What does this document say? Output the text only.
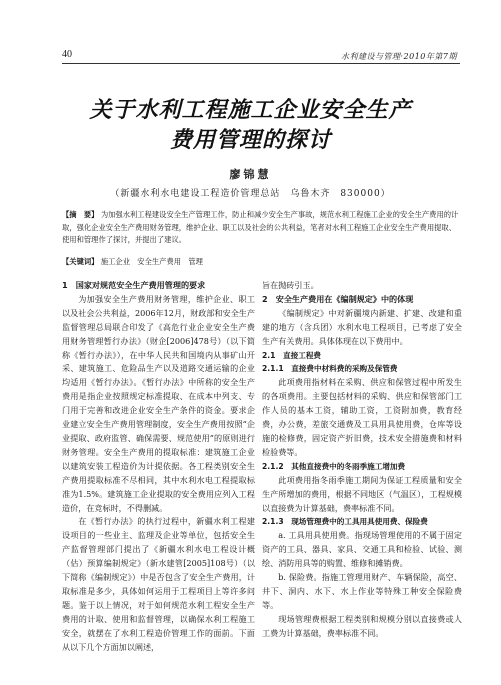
40	水利建设与管理·2010年第7期
关于水利工程施工企业安全生产
费用管理的探讨
廖锦慧
（新疆水利水电建设工程造价管理总站　乌鲁木齐　830000）
【摘　要】 为加强水利工程建设安全生产管理工作，防止和减少安全生产事故，规范水利工程施工企业的安全生产费用的计取，强化企业安全生产费用财务管理，维护企业、职工以及社会的公共利益，笔者对水利工程施工企业安全生产费用提取、使用和管理作了探讨，并提出了建议。
【关键词】 施工企业　安全生产费用　管理

1　国家对规范安全生产费用管理的要求

为加强安全生产费用财务管理，维护企业、职工以及社会公共利益，2006年12月，财政部和安全生产监督管理总局联合印发了《高危行业企业安全生产费用财务管理暂行办法》（财企[2006]478号）（以下简称《暂行办法》），在中华人民共和国境内从事矿山开采、建筑施工、危险品生产以及道路交通运输的企业均适用《暂行办法》。《暂行办法》中所称的安全生产费用是指企业按照规定标准提取、在成本中列支、专门用于完善和改进企业安全生产条件的资金。要求企业建立安全生产费用管理制度，安全生产费用按照“企业提取、政府监管、确保需要、规范使用”的原则进行财务管理。安全生产费用的提取标准：建筑施工企业以建筑安装工程造价为计提依据。各工程类别安全生产费用提取标准不尽相同，其中水利水电工程提取标准为1.5%。建筑施工企业提取的安全费用应列入工程造价，在竞标时，不得删减。

在《暂行办法》的执行过程中，新疆水利工程建设项目的一些业主、监理及企业等单位，包括安全生产监督管理部门提出了《新疆水利水电工程设计概（估）预算编制规定》（新水建管[2005]108号）（以下简称《编制规定》）中是否包含了安全生产费用，计取标准是多少，具体如何运用于工程项目上等许多问题。鉴于以上情况，对于如何规范水利工程安全生产费用的计取、使用和监督管理，以确保水利工程施工安全，就摆在了水利工程造价管理工作的面前。下面从以下几个方面加以阐述，

旨在抛砖引玉。

2　安全生产费用在《编制规定》中的体现

《编制规定》中对新疆境内新建、扩建、改建和重建的地方（含兵团）水利水电工程项目，已考虑了安全生产有关费用。具体体现在以下费用中。

2.1　直接工程费

2.1.1　直接费中材料费的采购及保管费

此项费用指材料在采购、供应和保管过程中所发生的各项费用。主要包括材料的采购、供应和保管部门工作人员的基本工资，辅助工资，工资附加费，教育经费，办公费，差旅交通费及工具用具使用费，仓库等设施的检修费，固定资产折旧费，技术安全措施费和材料检验费等。

2.1.2　其他直接费中的冬雨季施工增加费

此项费用指冬雨季施工期间为保证工程质量和安全生产所增加的费用，根据不同地区（气温区），工程规模以直接费为计算基础，费率标准不同。

2.1.3　现场管理费中的工具用具使用费、保险费

a. 工具用具使用费。指现场管理使用的不属于固定资产的工具、器具、家具、交通工具和检验、试验、测绘、消防用具等的购置、维修和摊销费。

b. 保险费。指施工管理用财产、车辆保险，高空、井下、洞内、水下、水上作业等特殊工种安全保险费等。

现场管理费根据工程类别和规模分别以直接费或人工费为计算基础，费率标准不同。
